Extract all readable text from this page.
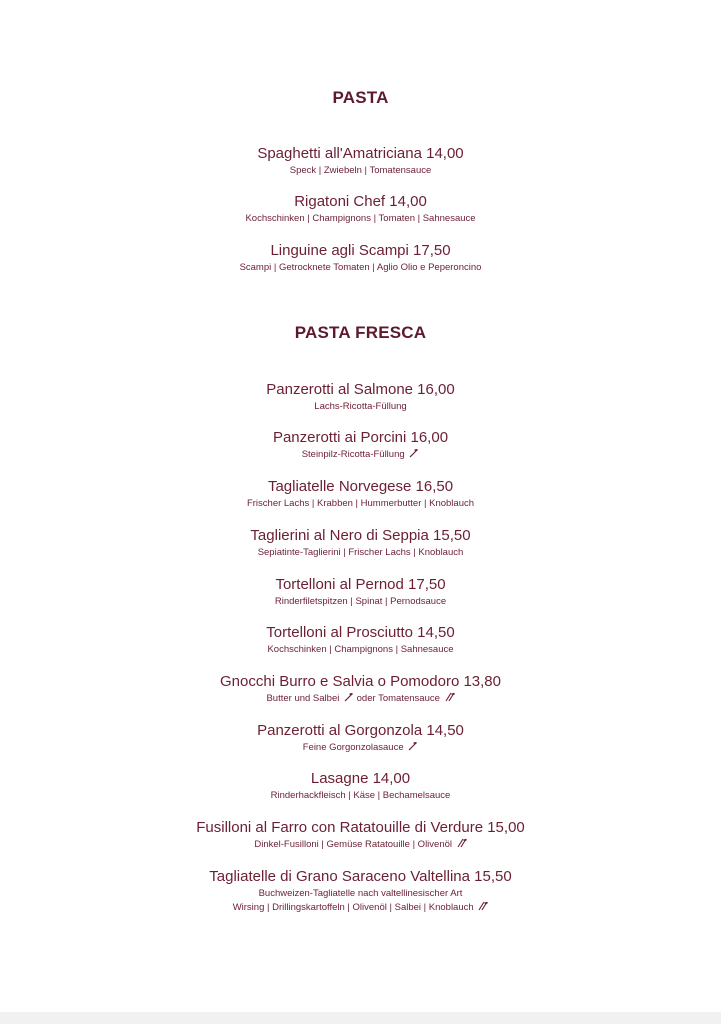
PASTA
Spaghetti all'Amatriciana 14,00
Speck | Zwiebeln | Tomatensauce
Rigatoni Chef 14,00
Kochschinken | Champignons | Tomaten | Sahnesauce
Linguine agli Scampi 17,50
Scampi | Getrocknete Tomaten | Aglio Olio e Peperoncino
PASTA FRESCA
Panzerotti al Salmone 16,00
Lachs-Ricotta-Füllung
Panzerotti ai Porcini 16,00
Steinpilz-Ricotta-Füllung
Tagliatelle Norvegese 16,50
Frischer Lachs | Krabben | Hummerbutter | Knoblauch
Taglierini al Nero di Seppia 15,50
Sepiatinte-Taglierini | Frischer Lachs | Knoblauch
Tortelloni al Pernod 17,50
Rinderfiletspitzen | Spinat | Pernodsauce
Tortelloni al Prosciutto 14,50
Kochschinken | Champignons | Sahnesauce
Gnocchi Burro e Salvia o Pomodoro 13,80
Butter und Salbei oder Tomatensauce
Panzerotti al Gorgonzola 14,50
Feine Gorgonzolasauce
Lasagne 14,00
Rinderhackfleisch | Käse | Bechamelsauce
Fusilloni al Farro con Ratatouille di Verdure 15,00
Dinkel-Fusilloni | Gemüse Ratatouille | Olivenöl
Tagliatelle di Grano Saraceno Valtellina 15,50
Buchweizen-Tagliatelle nach valtellinesischer Art
Wirsing | Drillingskartoffeln | Olivenöl | Salbei | Knoblauch
